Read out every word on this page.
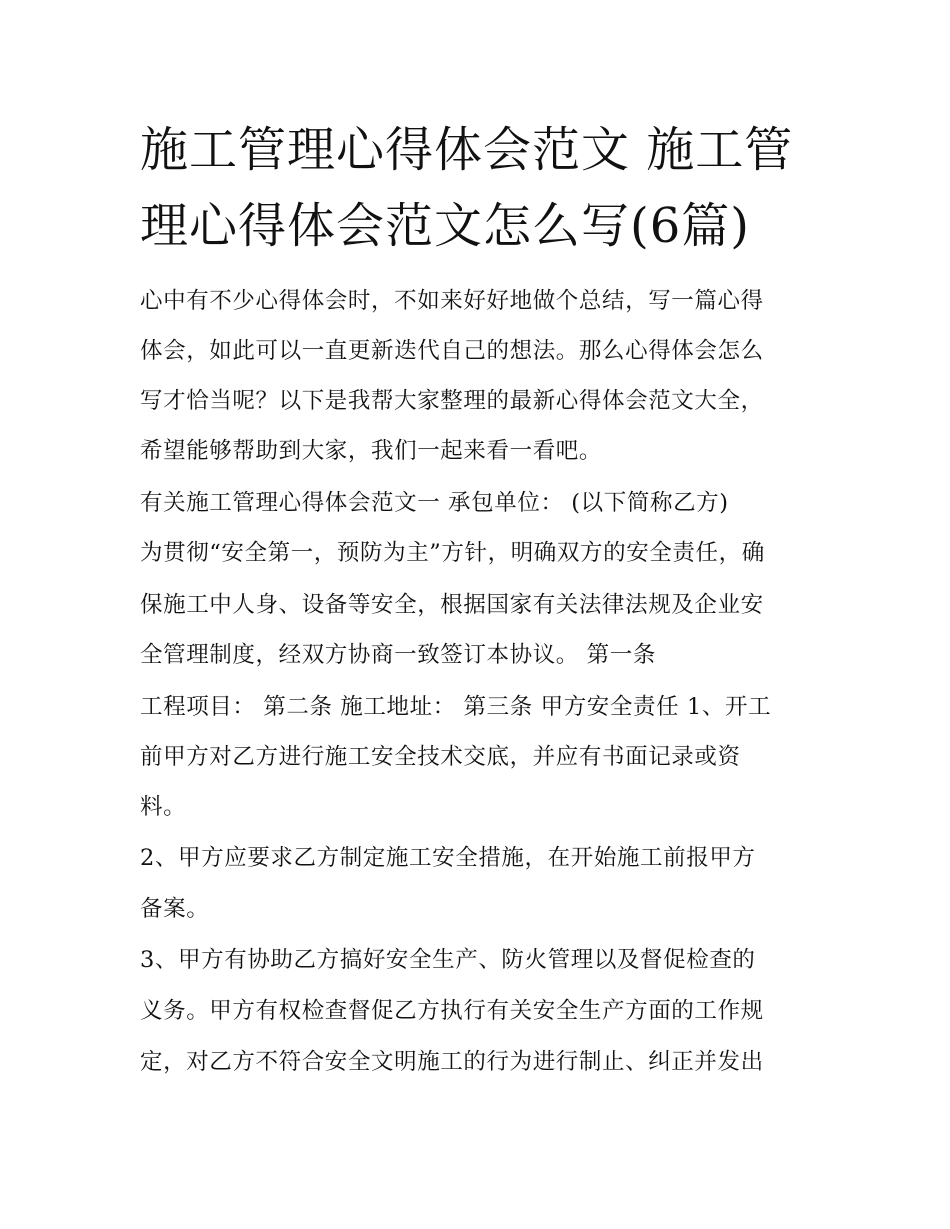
施工管理心得体会范文 施工管理心得体会范文怎么写(6篇)

心中有不少心得体会时，不如来好好地做个总结，写一篇心得

体会，如此可以一直更新迭代自己的想法。那么心得体会怎么

写才恰当呢？以下是我帮大家整理的最新心得体会范文大全，

希望能够帮助到大家，我们一起来看一看吧。

有关施工管理心得体会范文一 承包单位： (以下简称乙方)

为贯彻“安全第一，预防为主”方针，明确双方的安全责任，确

保施工中人身、设备等安全，根据国家有关法律法规及企业安

全管理制度，经双方协商一致签订本协议。 第一条

工程项目： 第二条 施工地址： 第三条 甲方安全责任 1、开工

前甲方对乙方进行施工安全技术交底，并应有书面记录或资

料。

2、甲方应要求乙方制定施工安全措施，在开始施工前报甲方

备案。

3、甲方有协助乙方搞好安全生产、防火管理以及督促检查的

义务。甲方有权检查督促乙方执行有关安全生产方面的工作规

定，对乙方不符合安全文明施工的行为进行制止、纠正并发出
